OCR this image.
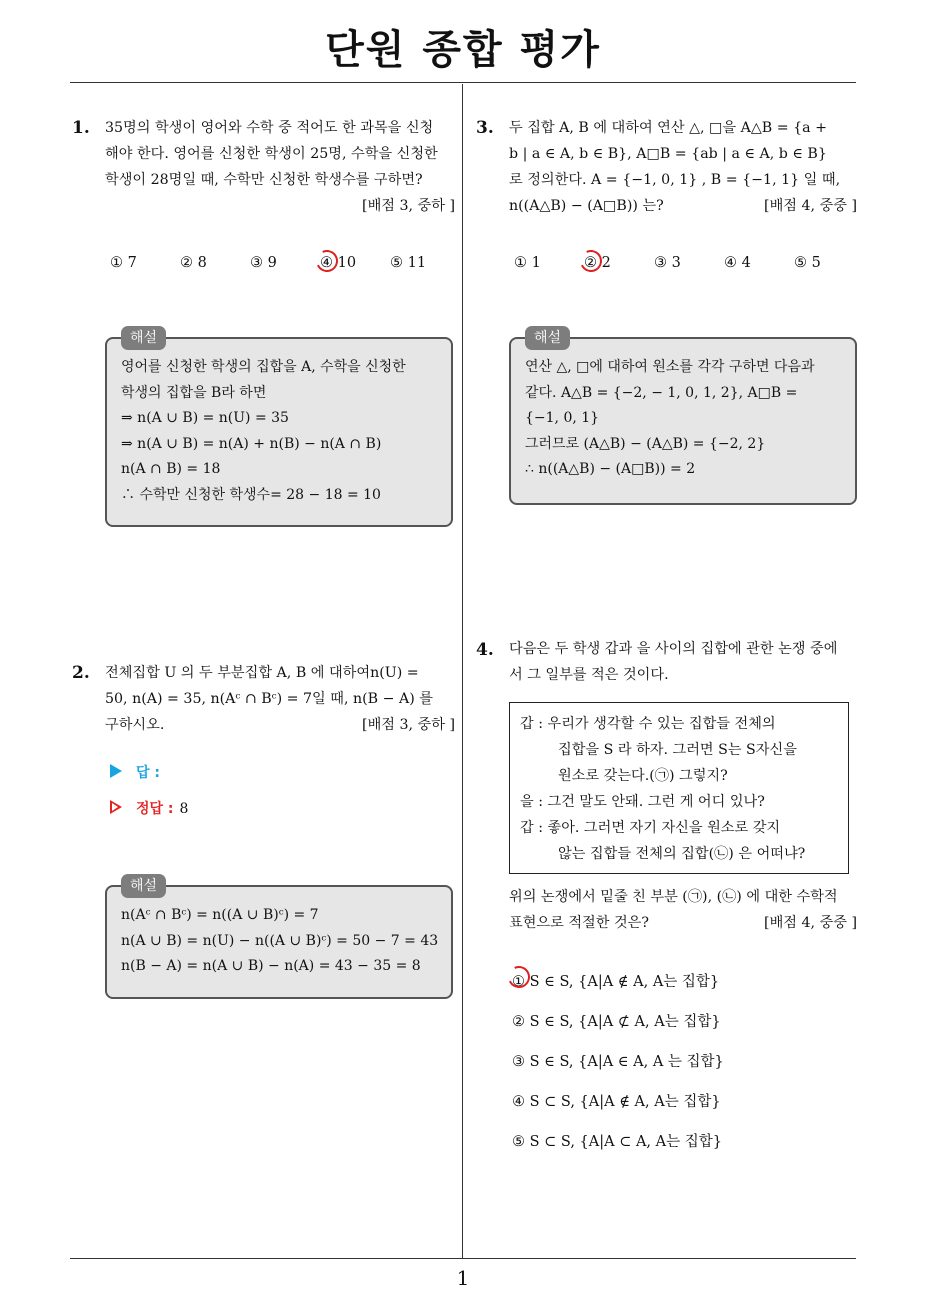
단원 종합 평가
1
1. 35명의 학생이 영어와 수학 중 적어도 한 과목을 신청
해야 한다. 영어를 신청한 학생이 25명, 수학을 신청한
학생이 28명일 때, 수학만 신청한 학생수를 구하면?
[배점 3, 중하 ]
① 7	② 8	③ 9	④ 10 ⑤ 11
해설
영어를 신청한 학생의 집합을 A, 수학을 신청한
학생의 집합을 B라 하면
⇒ n(A ∪ B) = n(U) = 35
⇒ n(A ∪ B) = n(A) + n(B) − n(A ∩ B)
n(A ∩ B) = 18
∴ 수학만 신청한 학생수= 28 − 18 = 10
2. 전체집합 U 의 두 부분집합 A, B 에 대하여n(U) =
50, n(A) = 35, n(Aᶜ ∩ Bᶜ) = 7일 때, n(B − A) 를
구하시오.	[배점 3, 중하 ]
답 :
정답 : 8
해설
n(Aᶜ ∩ Bᶜ) = n((A ∪ B)ᶜ) = 7
n(A ∪ B) = n(U) − n((A ∪ B)ᶜ) = 50 − 7 = 43
n(B − A) = n(A ∪ B) − n(A) = 43 − 35 = 8
3. 두 집합 A, B 에 대하여 연산 △, □을 A△B = {a +
b | a ∈ A, b ∈ B}, A□B = {ab | a ∈ A, b ∈ B}
로 정의한다. A = {−1, 0, 1} , B = {−1, 1} 일 때,
n((A△B) − (A□B)) 는?	[배점 4, 중중 ]
① 1	② 2	③ 3	④ 4	⑤ 5
해설
연산 △, □에 대하여 원소를 각각 구하면 다음과
같다. A△B = {−2, − 1, 0, 1, 2}, A□B =
{−1, 0, 1}
그러므로 (A△B) − (A△B) = {−2, 2}
∴ n((A△B) − (A□B)) = 2
4. 다음은 두 학생 갑과 을 사이의 집합에 관한 논쟁 중에
서 그 일부를 적은 것이다.
갑 : 우리가 생각할 수 있는 집합들 전체의
집합을 S 라 하자. 그러면 S는 S자신을
원소로 갖는다.(㉠) 그렇지?
을 : 그건 말도 안돼. 그런 게 어디 있나?
갑 : 좋아. 그러면 자기 자신을 원소로 갖지
않는 집합들 전체의 집합(㉡) 은 어떠냐?
위의 논쟁에서 밑줄 친 부분 (㉠), (㉡) 에 대한 수학적
표현으로 적절한 것은?	[배점 4, 중중 ]
① S ∈ S, {A|A ∉ A, A는 집합}
② S ∈ S, {A|A ⊄ A, A는 집합}
③ S ∈ S, {A|A ∈ A, A 는 집합}
④ S ⊂ S, {A|A ∉ A, A는 집합}
⑤ S ⊂ S, {A|A ⊂ A, A는 집합}
